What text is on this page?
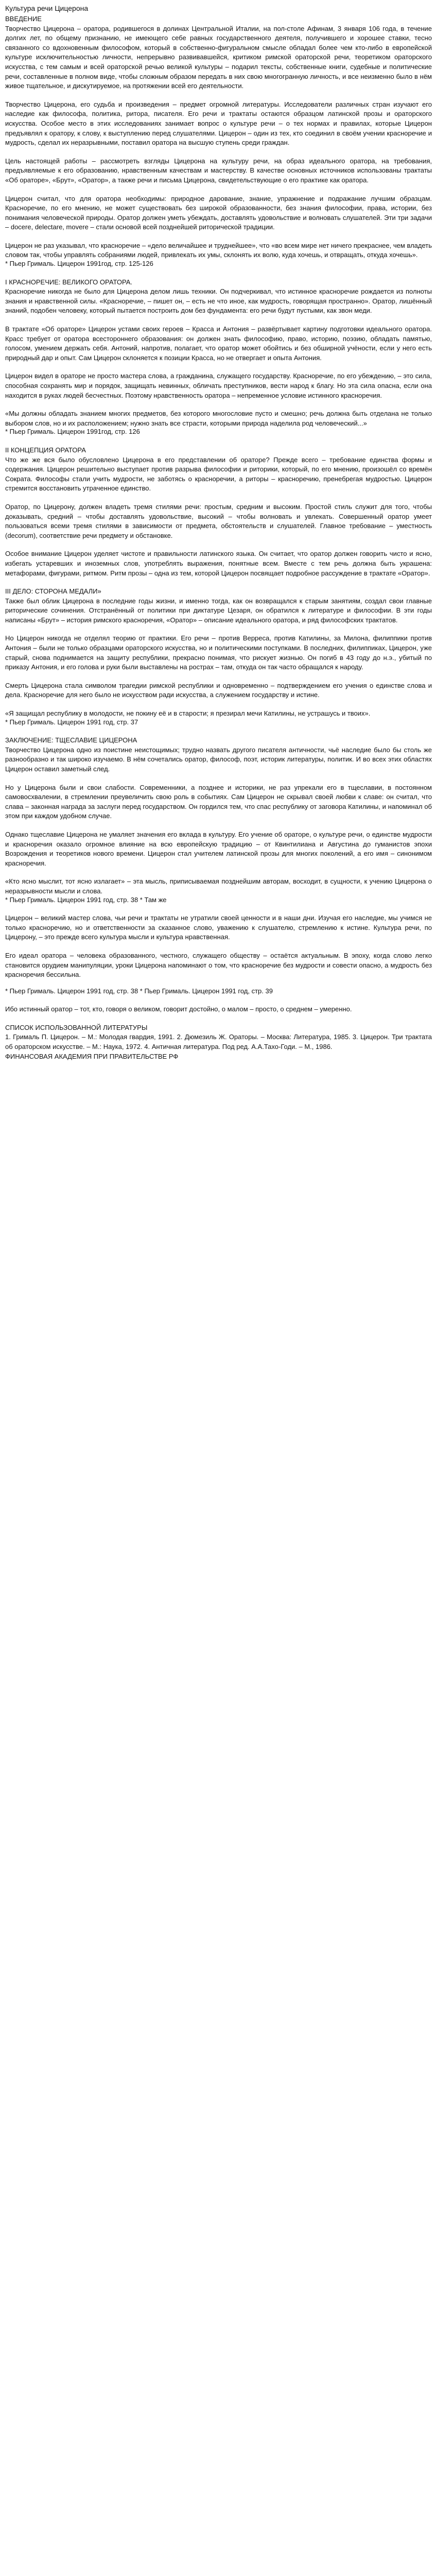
Культура речи Цицерона
ВВЕДЕНИЕ
Творчество Цицерона – оратора, родившегося в долинах Центральной Италии, на пол-столе Афинам, 3 января 106 года, в течение долгих лет, по общему признанию, не имеющего себе равных государственного деятеля, получившего и хорошее ставки, тесно связанного со вдохновенным философом, который в собственно-фигуральном смысле обладал более чем кто-либо в европейской культуре исключительностью личности, непрерывно развивавшейся, критиком римской ораторской речи, теоретиком ораторского искусства, с тем самым и всей ораторской речью великой культуры – подарил тексты, собственные книги, судебные и политические речи, составленные в полном виде, чтобы сложным образом передать в них свою многогранную личность, и все неизменно было в нём живое тщательное, и дискутируемое, на протяжении всей его деятельности.
Творчество Цицерона, его судьба и произведения – предмет огромной литературы. Исследователи различных стран изучают его наследие как философа, политика, ритора, писателя. Его речи и трактаты остаются образцом латинской прозы и ораторского искусства. Особое место в этих исследованиях занимает вопрос о культуре речи – о тех нормах и правилах, которые Цицерон предъявлял к оратору, к слову, к выступлению перед слушателями. Цицерон – один из тех, кто соединил в своём учении красноречие и мудрость, сделал их неразрывными, поставил оратора на высшую ступень среди граждан.
Цель настоящей работы – рассмотреть взгляды Цицерона на культуру речи, на образ идеального оратора, на требования, предъявляемые к его образованию, нравственным качествам и мастерству. В качестве основных источников использованы трактаты «Об ораторе», «Брут», «Оратор», а также речи и письма Цицерона, свидетельствующие о его практике как оратора.
Цицерон считал, что для оратора необходимы: природное дарование, знание, упражнение и подражание лучшим образцам. Красноречие, по его мнению, не может существовать без широкой образованности, без знания философии, права, истории, без понимания человеческой природы. Оратор должен уметь убеждать, доставлять удовольствие и волновать слушателей. Эти три задачи – docere, delectare, movere – стали основой всей позднейшей риторической традиции.
Цицерон не раз указывал, что красноречие – «дело величайшее и труднейшее», что «во всем мире нет ничего прекраснее, чем владеть словом так, чтобы управлять собраниями людей, привлекать их умы, склонять их волю, куда хочешь, и отвращать, откуда хочешь».
* Пьер Грималь. Цицерон 1991год, стр. 125-126
I КРАСНОРЕЧИЕ: ВЕЛИКОГО ОРАТОРА.
Красноречие никогда не было для Цицерона делом лишь техники. Он подчеркивал, что истинное красноречие рождается из полноты знания и нравственной силы. «Красноречие, – пишет он, – есть не что иное, как мудрость, говорящая пространно». Оратор, лишённый знаний, подобен человеку, который пытается построить дом без фундамента: его речи будут пустыми, как звон меди.
В трактате «Об ораторе» Цицерон устами своих героев – Красса и Антония – развёртывает картину подготовки идеального оратора. Красс требует от оратора всестороннего образования: он должен знать философию, право, историю, поэзию, обладать памятью, голосом, умением держать себя. Антоний, напротив, полагает, что оратор может обойтись и без обширной учёности, если у него есть природный дар и опыт. Сам Цицерон склоняется к позиции Красса, но не отвергает и опыта Антония.
Цицерон видел в ораторе не просто мастера слова, а гражданина, служащего государству. Красноречие, по его убеждению, – это сила, способная сохранять мир и порядок, защищать невинных, обличать преступников, вести народ к благу. Но эта сила опасна, если она находится в руках людей бесчестных. Поэтому нравственность оратора – непременное условие истинного красноречия.
«Мы должны обладать знанием многих предметов, без которого многословие пусто и смешно; речь должна быть отделана не только выбором слов, но и их расположением; нужно знать все страсти, которыми природа наделила род человеческий...»
* Пьер Грималь. Цицерон 1991год, стр. 126
II КОНЦЕПЦИЯ ОРАТОРА
Что же же вся было обусловлено Цицерона в его представлении об ораторе? Прежде всего – требование единства формы и содержания. Цицерон решительно выступает против разрыва философии и риторики, который, по его мнению, произошёл со времён Сократа. Философы стали учить мудрости, не заботясь о красноречии, а риторы – красноречию, пренебрегая мудростью. Цицерон стремится восстановить утраченное единство.
Оратор, по Цицерону, должен владеть тремя стилями речи: простым, средним и высоким. Простой стиль служит для того, чтобы доказывать, средний – чтобы доставлять удовольствие, высокий – чтобы волновать и увлекать. Совершенный оратор умеет пользоваться всеми тремя стилями в зависимости от предмета, обстоятельств и слушателей. Главное требование – уместность (decorum), соответствие речи предмету и обстановке.
Особое внимание Цицерон уделяет чистоте и правильности латинского языка. Он считает, что оратор должен говорить чисто и ясно, избегать устаревших и иноземных слов, употреблять выражения, понятные всем. Вместе с тем речь должна быть украшена: метафорами, фигурами, ритмом. Ритм прозы – одна из тем, которой Цицерон посвящает подробное рассуждение в трактате «Оратор».
III ДЕЛО: СТОРОНА МЕДАЛИ»
Также был облик Цицерона в последние годы жизни, и именно тогда, как он возвращался к старым занятиям, создал свои главные риторические сочинения. Отстранённый от политики при диктатуре Цезаря, он обратился к литературе и философии. В эти годы написаны «Брут» – история римского красноречия, «Оратор» – описание идеального оратора, и ряд философских трактатов.
Но Цицерон никогда не отделял теорию от практики. Его речи – против Верреса, против Катилины, за Милона, филиппики против Антония – были не только образцами ораторского искусства, но и политическими поступками. В последних, филиппиках, Цицерон, уже старый, снова поднимается на защиту республики, прекрасно понимая, что рискует жизнью. Он погиб в 43 году до н.э., убитый по приказу Антония, и его голова и руки были выставлены на рострах – там, откуда он так часто обращался к народу.
Смерть Цицерона стала символом трагедии римской республики и одновременно – подтверждением его учения о единстве слова и дела. Красноречие для него было не искусством ради искусства, а служением государству и истине.
«Я защищал республику в молодости, не покину её и в старости; я презирал мечи Катилины, не устрашусь и твоих».
* Пьер Грималь. Цицерон 1991 год, стр. 37
ЗАКЛЮЧЕНИЕ: ТЩЕСЛАВИЕ ЦИЦЕРОНА
Творчество Цицерона одно из поистине неистощимых; трудно назвать другого писателя античности, чьё наследие было бы столь же разнообразно и так широко изучаемо. В нём сочетались оратор, философ, поэт, историк литературы, политик. И во всех этих областях Цицерон оставил заметный след.
Но у Цицерона были и свои слабости. Современники, а позднее и историки, не раз упрекали его в тщеславии, в постоянном самовосхвалении, в стремлении преувеличить свою роль в событиях. Сам Цицерон не скрывал своей любви к славе: он считал, что слава – законная награда за заслуги перед государством. Он гордился тем, что спас республику от заговора Катилины, и напоминал об этом при каждом удобном случае.
Однако тщеславие Цицерона не умаляет значения его вклада в культуру. Его учение об ораторе, о культуре речи, о единстве мудрости и красноречия оказало огромное влияние на всю европейскую традицию – от Квинтилиана и Августина до гуманистов эпохи Возрождения и теоретиков нового времени. Цицерон стал учителем латинской прозы для многих поколений, а его имя – синонимом красноречия.
«Кто ясно мыслит, тот ясно излагает» – эта мысль, приписываемая позднейшим авторам, восходит, в сущности, к учению Цицерона о неразрывности мысли и слова.
* Пьер Грималь. Цицерон 1991 год, стр. 38 * Там же
Цицерон – великий мастер слова, чьи речи и трактаты не утратили своей ценности и в наши дни. Изучая его наследие, мы учимся не только красноречию, но и ответственности за сказанное слово, уважению к слушателю, стремлению к истине. Культура речи, по Цицерону, – это прежде всего культура мысли и культура нравственная.
Его идеал оратора – человека образованного, честного, служащего обществу – остаётся актуальным. В эпоху, когда слово легко становится орудием манипуляции, уроки Цицерона напоминают о том, что красноречие без мудрости и совести опасно, а мудрость без красноречия бессильна.
* Пьер Грималь. Цицерон 1991 год, стр. 38 * Пьер Грималь. Цицерон 1991 год, стр. 39
Ибо истинный оратор – тот, кто, говоря о великом, говорит достойно, о малом – просто, о среднем – умеренно.
СПИСОК ИСПОЛЬЗОВАННОЙ ЛИТЕРАТУРЫ
1. Грималь П. Цицерон. – М.: Молодая гвардия, 1991. 2. Дюмезиль Ж. Ораторы. – Москва: Литература, 1985. 3. Цицерон. Три трактата об ораторском искусстве. – М.: Наука, 1972. 4. Античная литература. Под ред. А.А.Тахо-Годи. – М., 1986.
ФИНАНСОВАЯ АКАДЕМИЯ ПРИ ПРАВИТЕЛЬСТВЕ РФ
